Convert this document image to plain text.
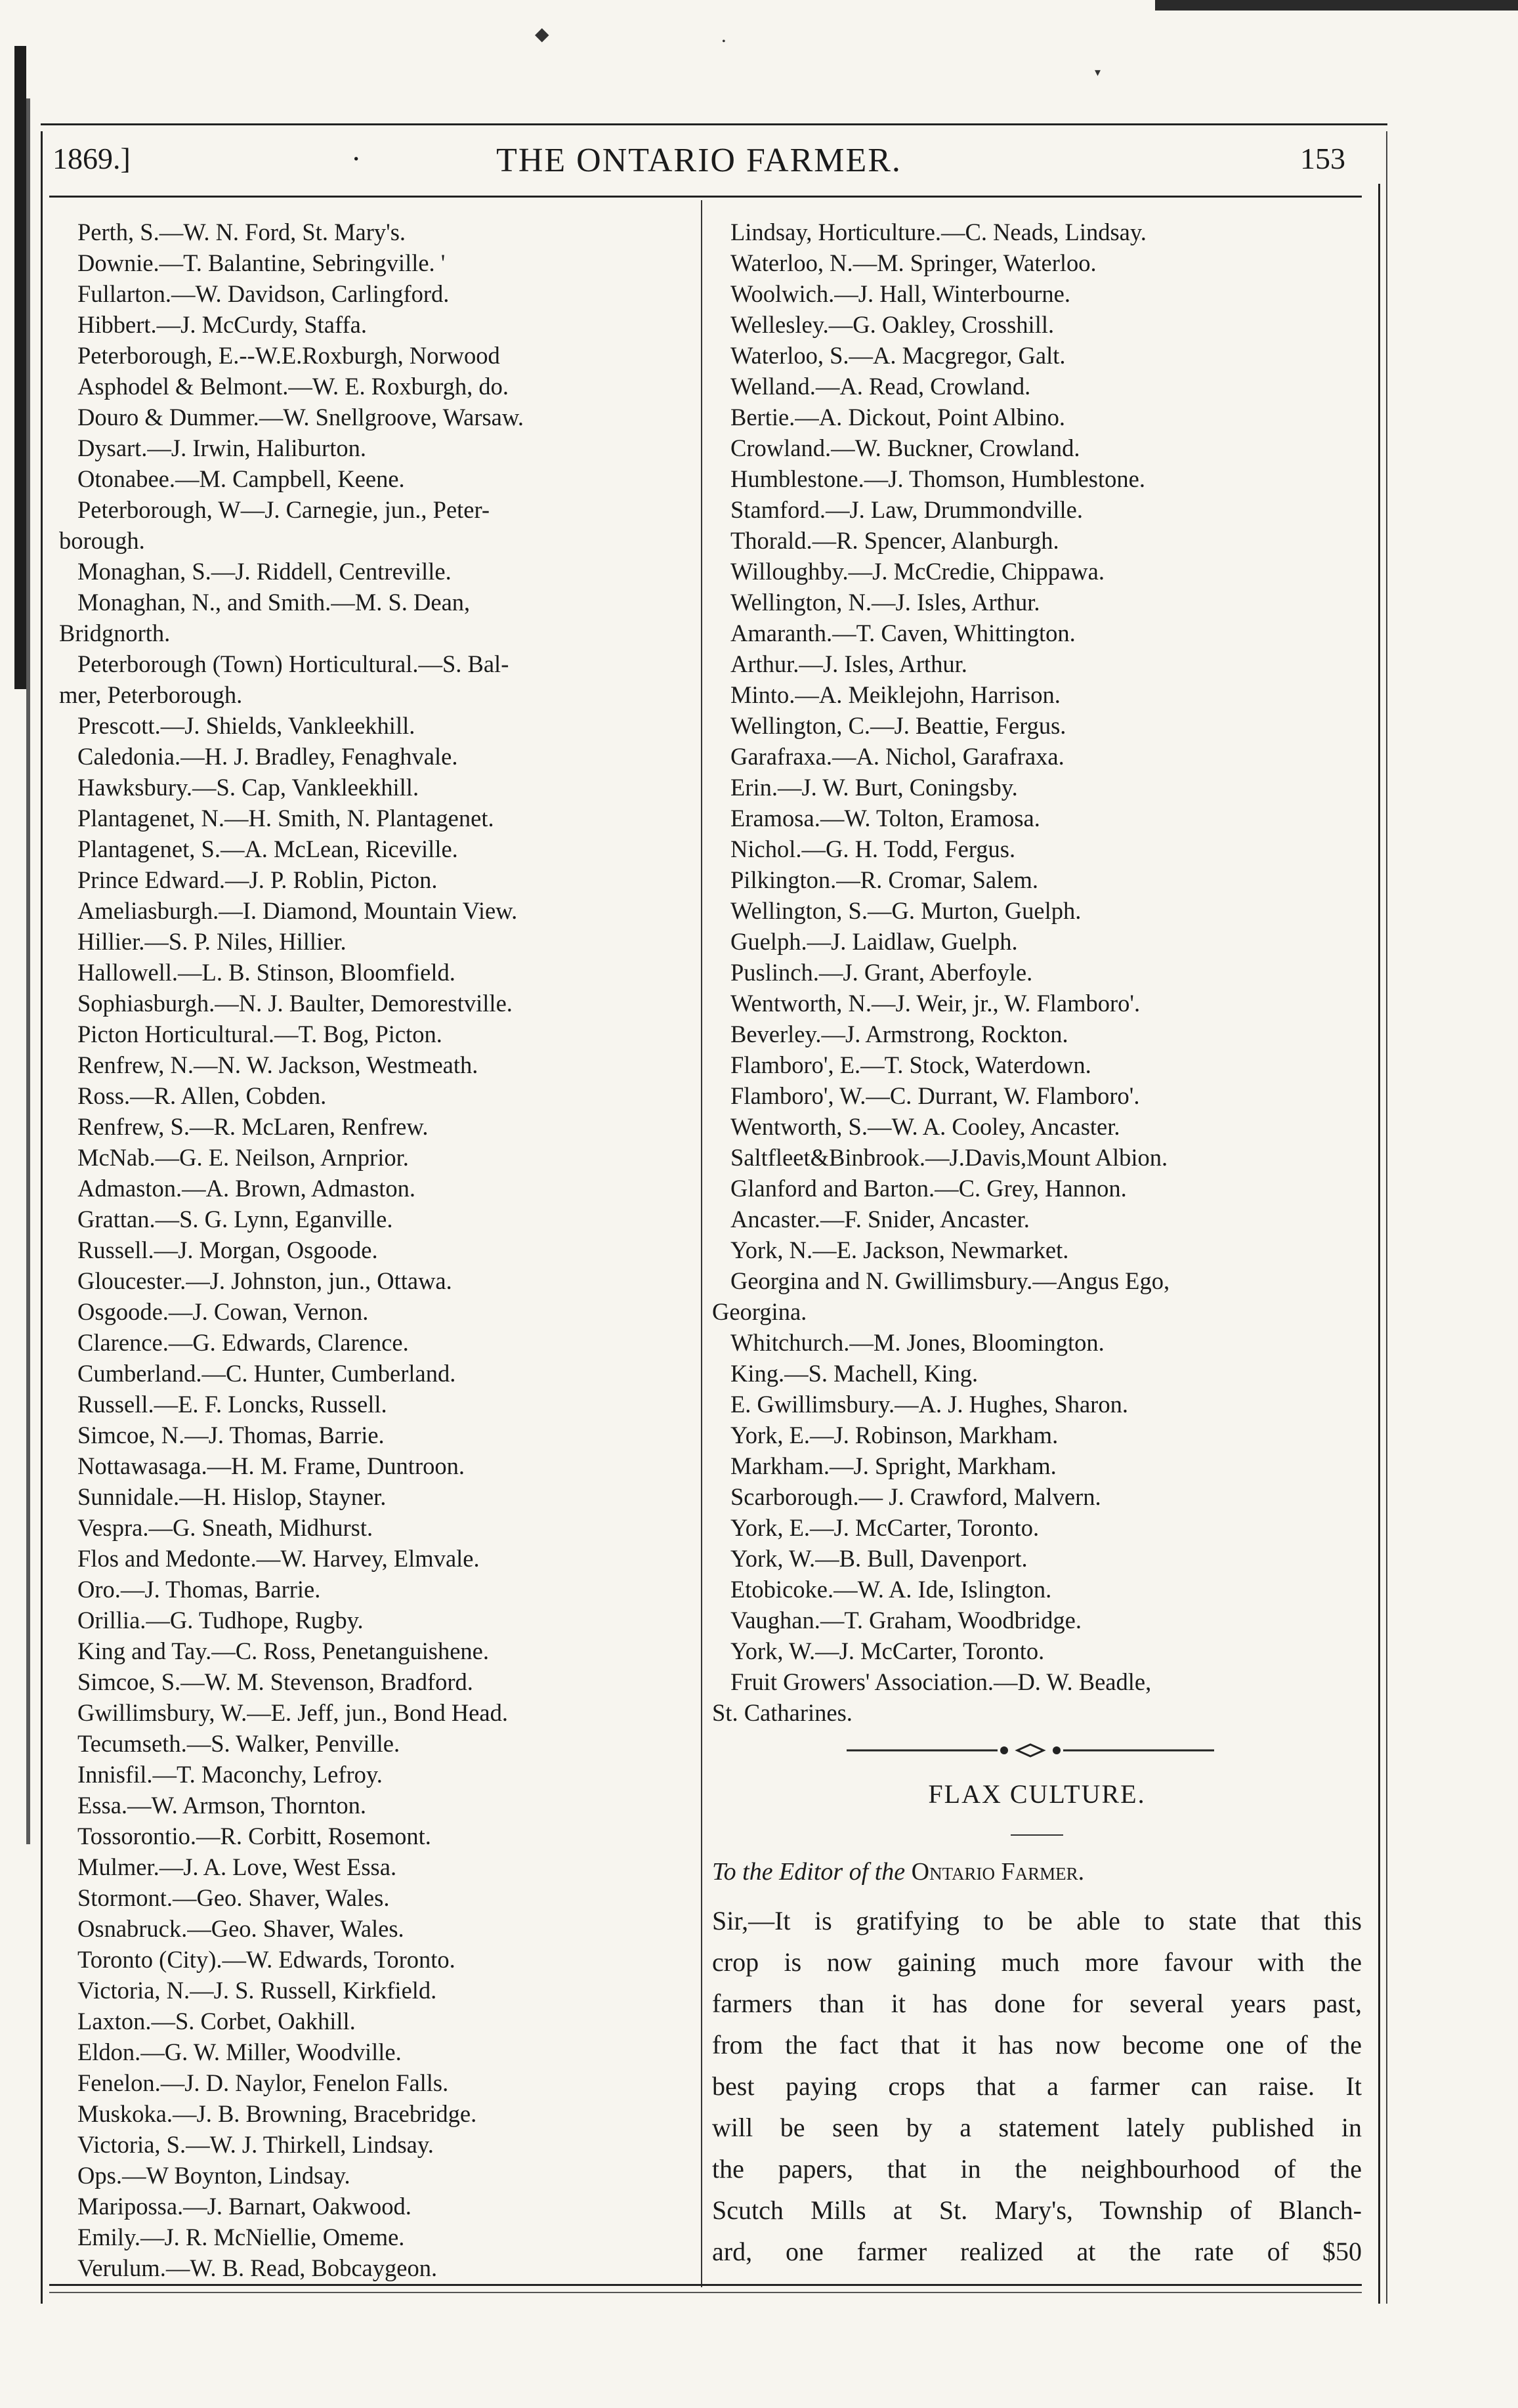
◆	•
▾
1869.]	·	THE ONTARIO FARMER.	153
Perth, S.—W. N. Ford, St. Mary's.
Downie.—T. Balantine, Sebringville. '
Fullarton.—W. Davidson, Carlingford.
Hibbert.—J. McCurdy, Staffa.
Peterborough, E.--W.E.Roxburgh, Norwood
Asphodel & Belmont.—W. E. Roxburgh, do.
Douro & Dummer.—W. Snellgroove, Warsaw.
Dysart.—J. Irwin, Haliburton.
Otonabee.—M. Campbell, Keene.
Peterborough, W—J. Carnegie, jun., Peter-
borough.
Monaghan, S.—J. Riddell, Centreville.
Monaghan, N., and Smith.—M. S. Dean,
Bridgnorth.
Peterborough (Town) Horticultural.—S. Bal-
mer, Peterborough.
Prescott.—J. Shields, Vankleekhill.
Caledonia.—H. J. Bradley, Fenaghvale.
Hawksbury.—S. Cap, Vankleekhill.
Plantagenet, N.—H. Smith, N. Plantagenet.
Plantagenet, S.—A. McLean, Riceville.
Prince Edward.—J. P. Roblin, Picton.
Ameliasburgh.—I. Diamond, Mountain View.
Hillier.—S. P. Niles, Hillier.
Hallowell.—L. B. Stinson, Bloomfield.
Sophiasburgh.—N. J. Baulter, Demorestville.
Picton Horticultural.—T. Bog, Picton.
Renfrew, N.—N. W. Jackson, Westmeath.
Ross.—R. Allen, Cobden.
Renfrew, S.—R. McLaren, Renfrew.
McNab.—G. E. Neilson, Arnprior.
Admaston.—A. Brown, Admaston.
Grattan.—S. G. Lynn, Eganville.
Russell.—J. Morgan, Osgoode.
Gloucester.—J. Johnston, jun., Ottawa.
Osgoode.—J. Cowan, Vernon.
Clarence.—G. Edwards, Clarence.
Cumberland.—C. Hunter, Cumberland.
Russell.—E. F. Loncks, Russell.
Simcoe, N.—J. Thomas, Barrie.
Nottawasaga.—H. M. Frame, Duntroon.
Sunnidale.—H. Hislop, Stayner.
Vespra.—G. Sneath, Midhurst.
Flos and Medonte.—W. Harvey, Elmvale.
Oro.—J. Thomas, Barrie.
Orillia.—G. Tudhope, Rugby.
King and Tay.—C. Ross, Penetanguishene.
Simcoe, S.—W. M. Stevenson, Bradford.
Gwillimsbury, W.—E. Jeff, jun., Bond Head.
Tecumseth.—S. Walker, Penville.
Innisfil.—T. Maconchy, Lefroy.
Essa.—W. Armson, Thornton.
Tossorontio.—R. Corbitt, Rosemont.
Mulmer.—J. A. Love, West Essa.
Stormont.—Geo. Shaver, Wales.
Osnabruck.—Geo. Shaver, Wales.
Toronto (City).—W. Edwards, Toronto.
Victoria, N.—J. S. Russell, Kirkfield.
Laxton.—S. Corbet, Oakhill.
Eldon.—G. W. Miller, Woodville.
Fenelon.—J. D. Naylor, Fenelon Falls.
Muskoka.—J. B. Browning, Bracebridge.
Victoria, S.—W. J. Thirkell, Lindsay.
Ops.—W Boynton, Lindsay.
Maripossa.—J. Barnart, Oakwood.
Emily.—J. R. McNiellie, Omeme.
Verulum.—W. B. Read, Bobcaygeon.
Lindsay, Horticulture.—C. Neads, Lindsay.
Waterloo, N.—M. Springer, Waterloo.
Woolwich.—J. Hall, Winterbourne.
Wellesley.—G. Oakley, Crosshill.
Waterloo, S.—A. Macgregor, Galt.
Welland.—A. Read, Crowland.
Bertie.—A. Dickout, Point Albino.
Crowland.—W. Buckner, Crowland.
Humblestone.—J. Thomson, Humblestone.
Stamford.—J. Law, Drummondville.
Thorald.—R. Spencer, Alanburgh.
Willoughby.—J. McCredie, Chippawa.
Wellington, N.—J. Isles, Arthur.
Amaranth.—T. Caven, Whittington.
Arthur.—J. Isles, Arthur.
Minto.—A. Meiklejohn, Harrison.
Wellington, C.—J. Beattie, Fergus.
Garafraxa.—A. Nichol, Garafraxa.
Erin.—J. W. Burt, Coningsby.
Eramosa.—W. Tolton, Eramosa.
Nichol.—G. H. Todd, Fergus.
Pilkington.—R. Cromar, Salem.
Wellington, S.—G. Murton, Guelph.
Guelph.—J. Laidlaw, Guelph.
Puslinch.—J. Grant, Aberfoyle.
Wentworth, N.—J. Weir, jr., W. Flamboro'.
Beverley.—J. Armstrong, Rockton.
Flamboro', E.—T. Stock, Waterdown.
Flamboro', W.—C. Durrant, W. Flamboro'.
Wentworth, S.—W. A. Cooley, Ancaster.
Saltfleet&Binbrook.—J.Davis,Mount Albion.
Glanford and Barton.—C. Grey, Hannon.
Ancaster.—F. Snider, Ancaster.
York, N.—E. Jackson, Newmarket.
Georgina and N. Gwillimsbury.—Angus Ego,
Georgina.
Whitchurch.—M. Jones, Bloomington.
King.—S. Machell, King.
E. Gwillimsbury.—A. J. Hughes, Sharon.
York, E.—J. Robinson, Markham.
Markham.—J. Spright, Markham.
Scarborough.— J. Crawford, Malvern.
York, E.—J. McCarter, Toronto.
York, W.—B. Bull, Davenport.
Etobicoke.—W. A. Ide, Islington.
Vaughan.—T. Graham, Woodbridge.
York, W.—J. McCarter, Toronto.
Fruit Growers' Association.—D. W. Beadle,
St. Catharines.
FLAX CULTURE.
To the Editor of the Ontario Farmer.
Sir,—It is gratifying to be able to state that this
crop is now gaining much more favour with the
farmers than it has done for several years past,
from the fact that it has now become one of the
best paying crops that a farmer can raise. It
will be seen by a statement lately published in
the papers, that in the neighbourhood of the
Scutch Mills at St. Mary's, Township of Blanch-
ard, one farmer realized at the rate of $50
